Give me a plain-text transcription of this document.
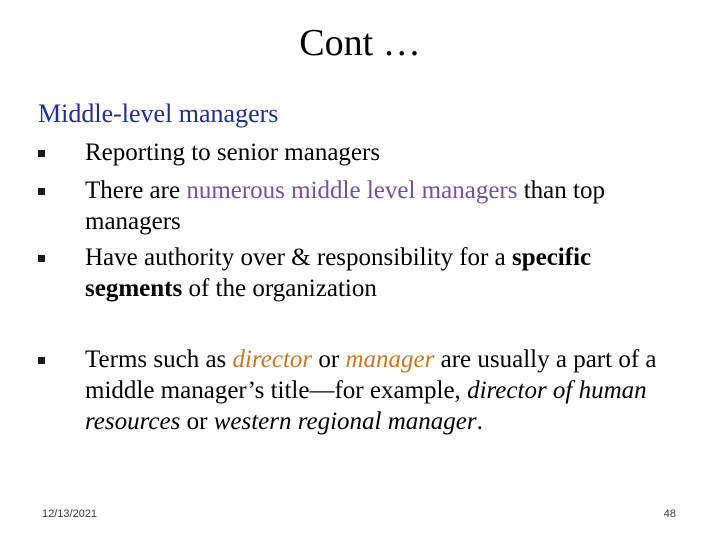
Cont …
Middle-level managers
Reporting to senior managers
There are numerous middle level managers than top managers
Have authority over & responsibility for a specific segments of the organization
Terms such as director or manager are usually a part of a middle manager’s title—for example, director of human resources or western regional manager.
12/13/2021	48
